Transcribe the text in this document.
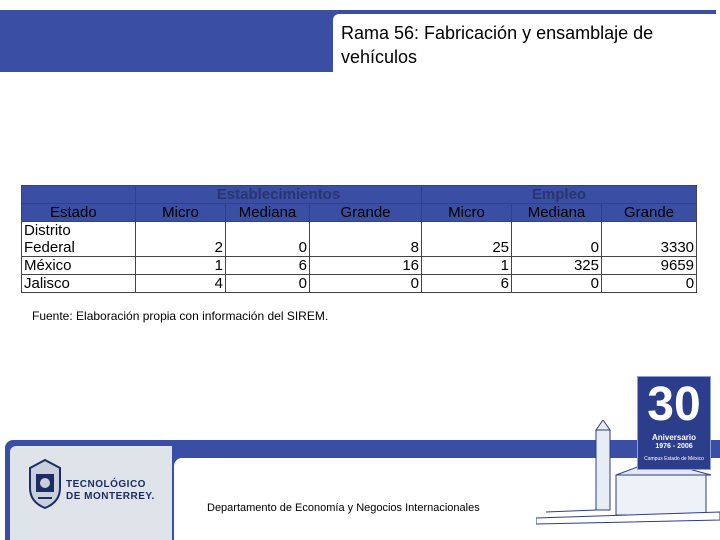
Rama 56: Fabricación y ensamblaje de vehículos
	Establecimientos			Empleo		
Estado	Micro	Mediana	Grande	Micro	Mediana	Grande

Distrito
Federal	2	0	8	25	0	3330
México	1	6	16	1	325	9659
Jalisco	4	0	0	6	0	0
Fuente: Elaboración propia con información del SIREM.
TECNOLÓGICO
DE MONTERREY.
Departamento de Economía y Negocios Internacionales
30
Aniversario
1976 - 2006
Campus Estado de México
